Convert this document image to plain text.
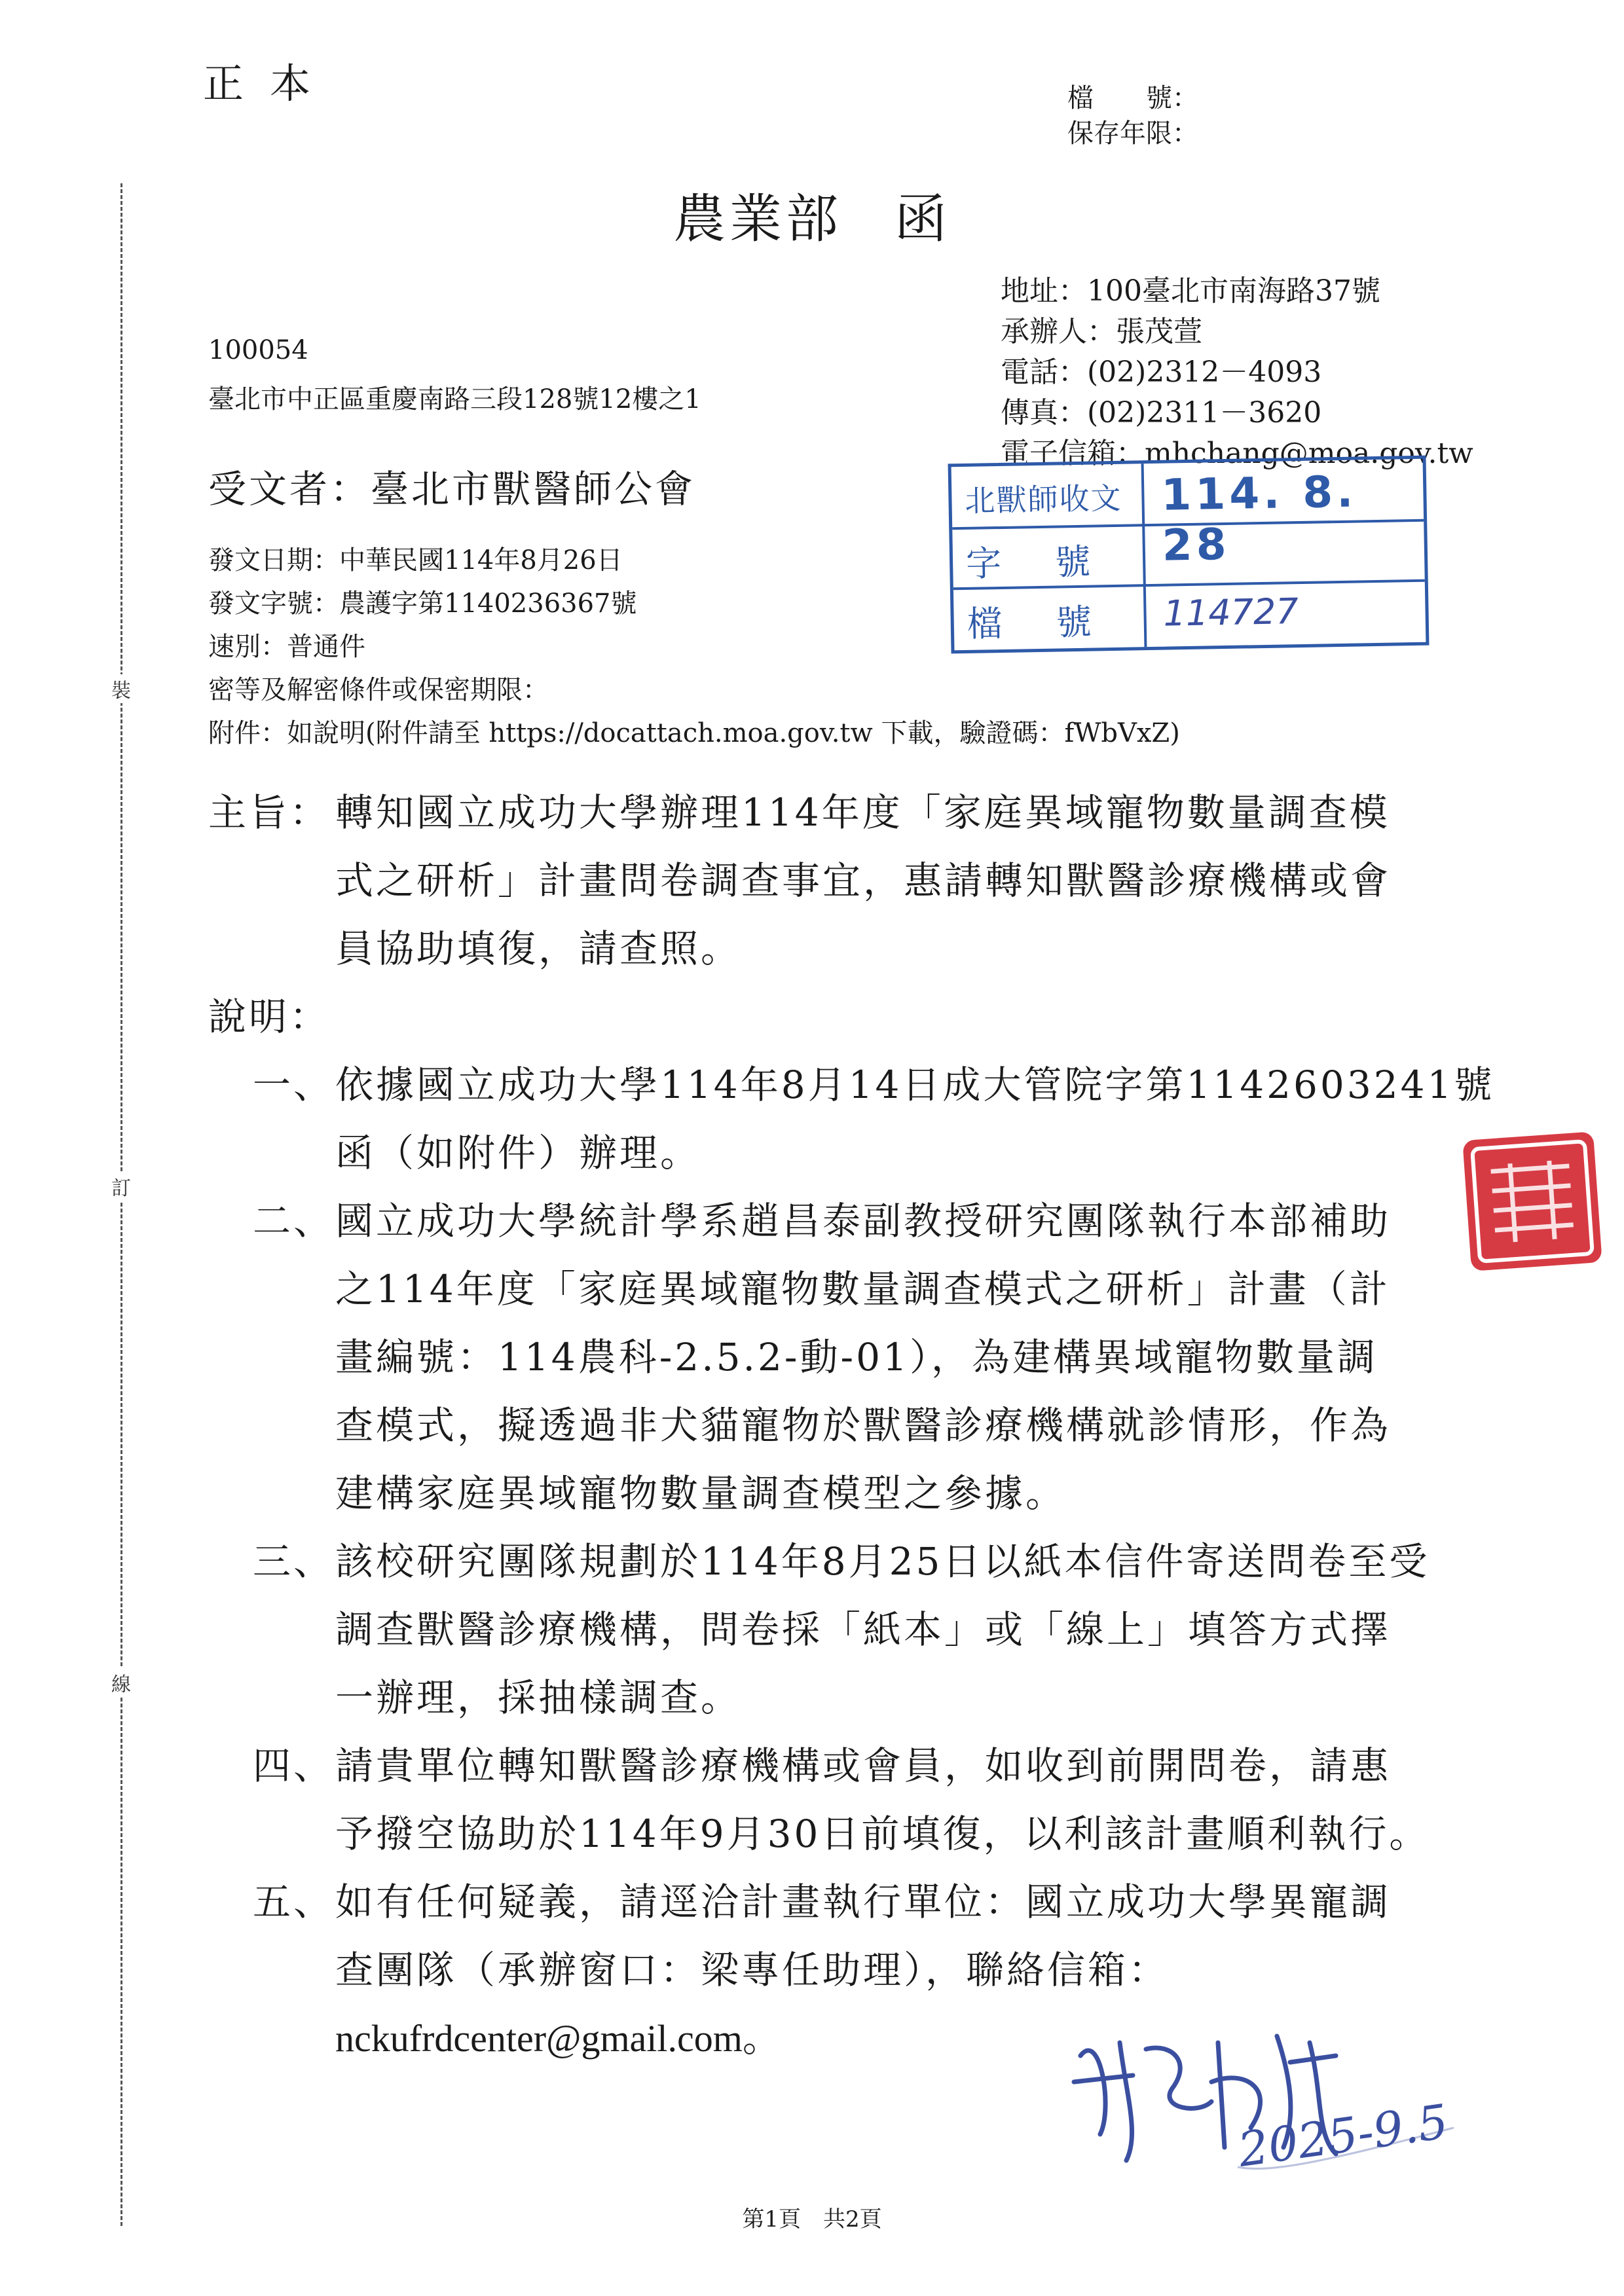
正本	檔　　號：
保存年限：
農業部 函
裝
訂
線
地址：100臺北市南海路37號
承辦人：張茂萱
電話：(02)2312－4093
傳真：(02)2311－3620
電子信箱：mhchang@moa.gov.tw
100054
臺北市中正區重慶南路三段128號12樓之1
受文者：臺北市獸醫師公會	北獸師收文 114. 8. 28
字　號
檔　號 114727
發文日期：中華民國114年8月26日
發文字號：農護字第1140236367號
速別：普通件
密等及解密條件或保密期限：
附件：如說明(附件請至 https://docattach.moa.gov.tw 下載，驗證碼：fWbVxZ)
主旨： 轉知國立成功大學辦理114年度「家庭異域寵物數量調查模
式之研析」計畫問卷調查事宜，惠請轉知獸醫診療機構或會
員協助填復，請查照。
說明：
一、 依據國立成功大學114年8月14日成大管院字第1142603241號
函（如附件）辦理。
二、 國立成功大學統計學系趙昌泰副教授研究團隊執行本部補助
之114年度「家庭異域寵物數量調查模式之研析」計畫（計
畫編號：114農科-2.5.2-動-01），為建構異域寵物數量調
查模式，擬透過非犬貓寵物於獸醫診療機構就診情形，作為
建構家庭異域寵物數量調查模型之參據。
三、 該校研究團隊規劃於114年8月25日以紙本信件寄送問卷至受
調查獸醫診療機構，問卷採「紙本」或「線上」填答方式擇
一辦理，採抽樣調查。
四、 請貴單位轉知獸醫診療機構或會員，如收到前開問卷，請惠
予撥空協助於114年9月30日前填復，以利該計畫順利執行。
五、 如有任何疑義，請逕洽計畫執行單位：國立成功大學異寵調
查團隊（承辦窗口：梁專任助理），聯絡信箱：
nckufrdcenter@gmail.com。
2025-9.5
第1頁　共2頁
